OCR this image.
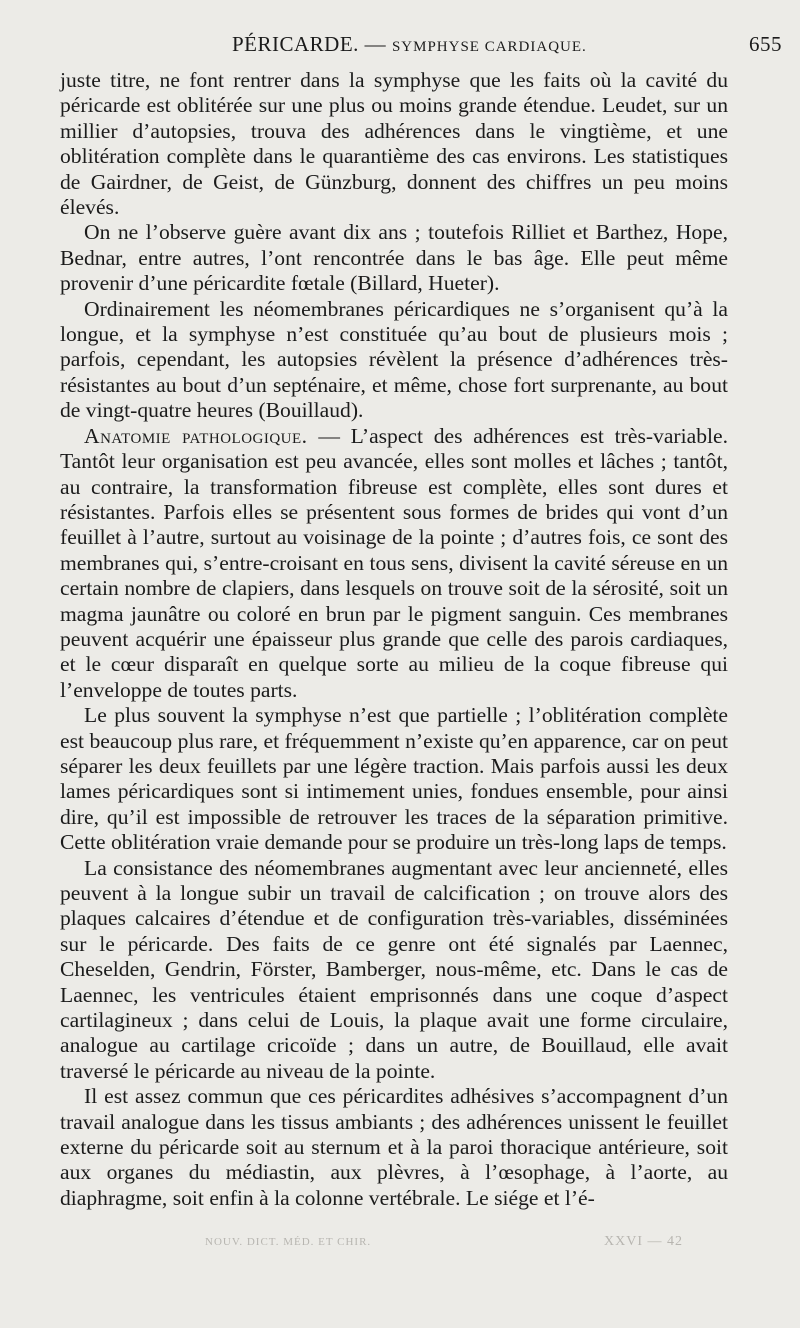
PÉRICARDE. — SYMPHYSE CARDIAQUE.	655

juste titre, ne font rentrer dans la symphyse que les faits où la cavité du péricarde est oblitérée sur une plus ou moins grande étendue. Leudet, sur un millier d’autopsies, trouva des adhérences dans le vingtième, et une oblitération complète dans le quarantième des cas environs. Les statistiques de Gairdner, de Geist, de Günzburg, donnent des chiffres un peu moins élevés.

On ne l’observe guère avant dix ans ; toutefois Rilliet et Barthez, Hope, Bednar, entre autres, l’ont rencontrée dans le bas âge. Elle peut même provenir d’une péricardite fœtale (Billard, Hueter).

Ordinairement les néomembranes péricardiques ne s’organisent qu’à la longue, et la symphyse n’est constituée qu’au bout de plusieurs mois ; parfois, cependant, les autopsies révèlent la présence d’adhérences très-résistantes au bout d’un septénaire, et même, chose fort surprenante, au bout de vingt-quatre heures (Bouillaud).

Anatomie pathologique. — L’aspect des adhérences est très-variable. Tantôt leur organisation est peu avancée, elles sont molles et lâches ; tantôt, au contraire, la transformation fibreuse est complète, elles sont dures et résistantes. Parfois elles se présentent sous formes de brides qui vont d’un feuillet à l’autre, surtout au voisinage de la pointe ; d’autres fois, ce sont des membranes qui, s’entre-croisant en tous sens, divisent la cavité séreuse en un certain nombre de clapiers, dans lesquels on trouve soit de la sérosité, soit un magma jaunâtre ou coloré en brun par le pigment sanguin. Ces membranes peuvent acquérir une épaisseur plus grande que celle des parois cardiaques, et le cœur disparaît en quelque sorte au milieu de la coque fibreuse qui l’enveloppe de toutes parts.

Le plus souvent la symphyse n’est que partielle ; l’oblitération complète est beaucoup plus rare, et fréquemment n’existe qu’en apparence, car on peut séparer les deux feuillets par une légère traction. Mais parfois aussi les deux lames péricardiques sont si intimement unies, fondues ensemble, pour ainsi dire, qu’il est impossible de retrouver les traces de la séparation primitive. Cette oblitération vraie demande pour se produire un très-long laps de temps.

La consistance des néomembranes augmentant avec leur ancienneté, elles peuvent à la longue subir un travail de calcification ; on trouve alors des plaques calcaires d’étendue et de configuration très-variables, disséminées sur le péricarde. Des faits de ce genre ont été signalés par Laennec, Cheselden, Gendrin, Förster, Bamberger, nous-même, etc. Dans le cas de Laennec, les ventricules étaient emprisonnés dans une coque d’aspect cartilagineux ; dans celui de Louis, la plaque avait une forme circulaire, analogue au cartilage cricoïde ; dans un autre, de Bouillaud, elle avait traversé le péricarde au niveau de la pointe.

Il est assez commun que ces péricardites adhésives s’accompagnent d’un travail analogue dans les tissus ambiants ; des adhérences unissent le feuillet externe du péricarde soit au sternum et à la paroi thoracique antérieure, soit aux organes du médiastin, aux plèvres, à l’œsophage, à l’aorte, au diaphragme, soit enfin à la colonne vertébrale. Le siége et l’é-

NOUV. DICT. MÉD. ET CHIR.	XXVI — 42
